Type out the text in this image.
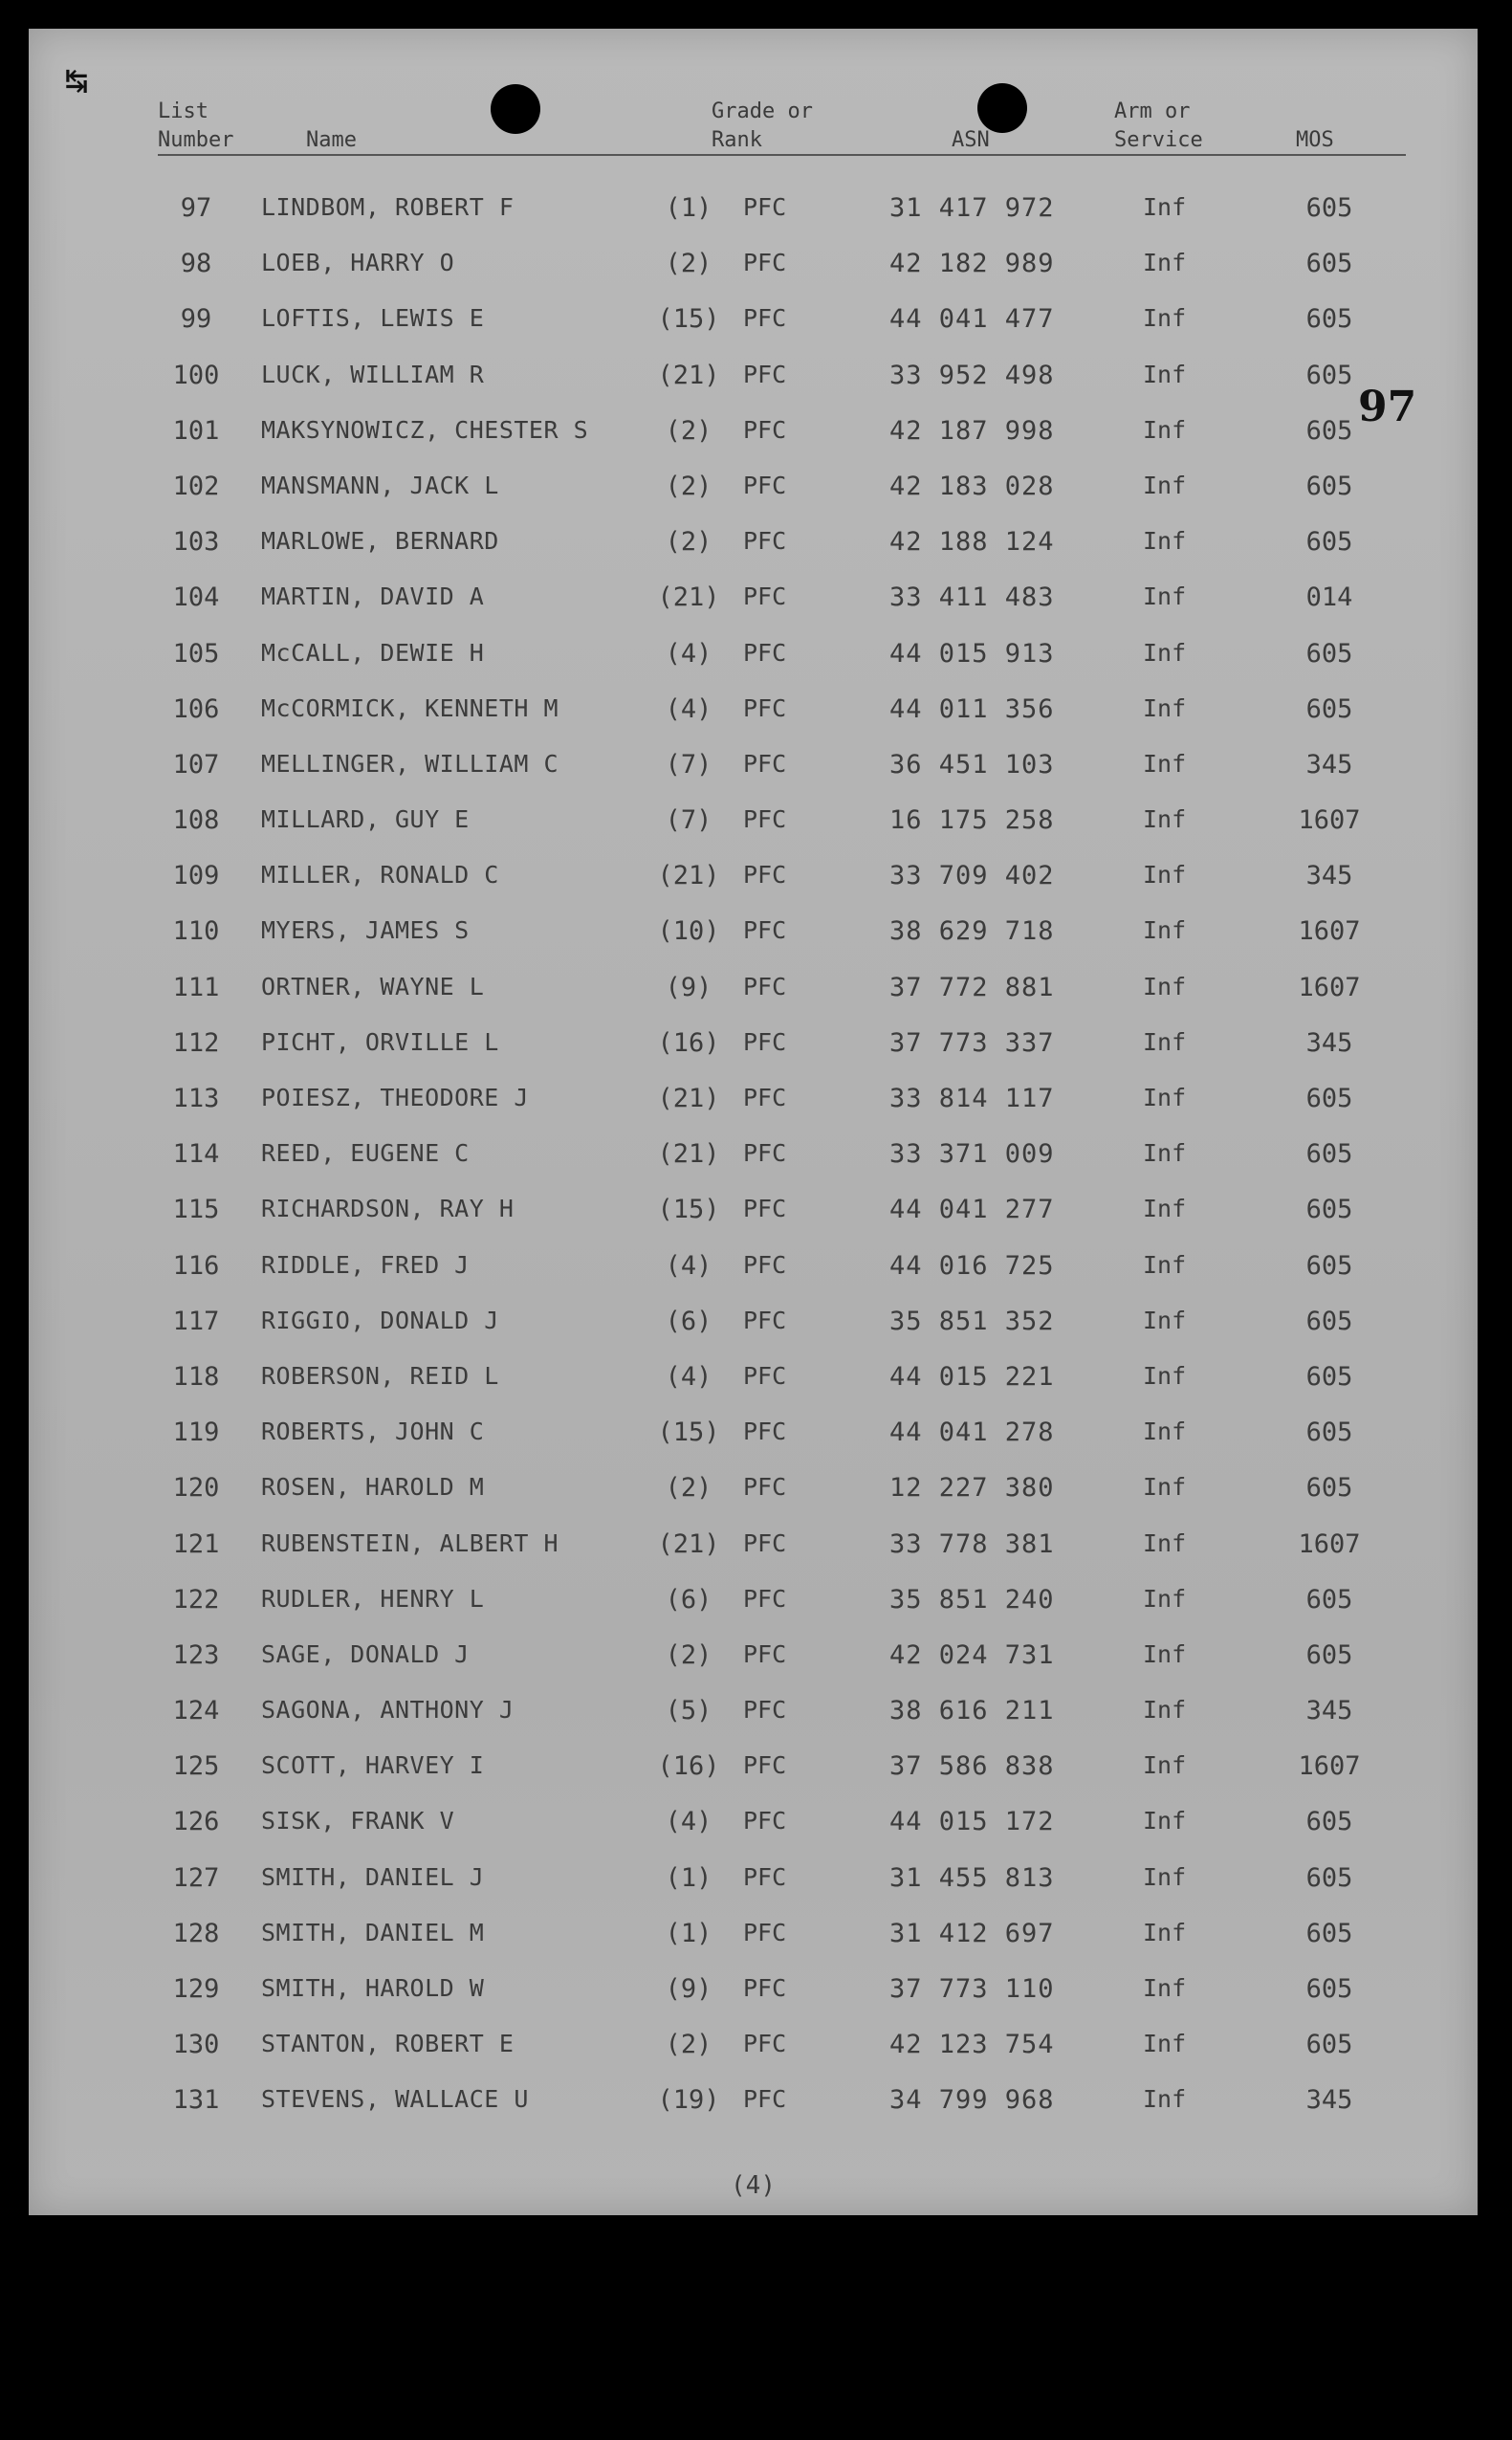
↹
List
Number	Name
Grade or
Rank	ASN
Arm or
Service	MOS
97
97	LINDBOM, ROBERT F	(1)	PFC	31 417 972	Inf	605
98	LOEB, HARRY O	(2)	PFC	42 182 989	Inf	605
99	LOFTIS, LEWIS E	(15) PFC	44 041 477	Inf	605
100	LUCK, WILLIAM R	(21) PFC	33 952 498	Inf	605
101	MAKSYNOWICZ, CHESTER S	(2)	PFC	42 187 998	Inf	605
102	MANSMANN, JACK L	(2)	PFC	42 183 028	Inf	605
103	MARLOWE, BERNARD	(2)	PFC	42 188 124	Inf	605
104	MARTIN, DAVID A	(21) PFC	33 411 483	Inf	014
105	McCALL, DEWIE H	(4)	PFC	44 015 913	Inf	605
106	McCORMICK, KENNETH M	(4)	PFC	44 011 356	Inf	605
107	MELLINGER, WILLIAM C	(7)	PFC	36 451 103	Inf	345
108	MILLARD, GUY E	(7)	PFC	16 175 258	Inf	1607
109	MILLER, RONALD C	(21) PFC	33 709 402	Inf	345
110	MYERS, JAMES S	(10) PFC	38 629 718	Inf	1607
111	ORTNER, WAYNE L	(9)	PFC	37 772 881	Inf	1607
112	PICHT, ORVILLE L	(16) PFC	37 773 337	Inf	345
113	POIESZ, THEODORE J	(21) PFC	33 814 117	Inf	605
114	REED, EUGENE C	(21) PFC	33 371 009	Inf	605
115	RICHARDSON, RAY H	(15) PFC	44 041 277	Inf	605
116	RIDDLE, FRED J	(4)	PFC	44 016 725	Inf	605
117	RIGGIO, DONALD J	(6)	PFC	35 851 352	Inf	605
118	ROBERSON, REID L	(4)	PFC	44 015 221	Inf	605
119	ROBERTS, JOHN C	(15) PFC	44 041 278	Inf	605
120	ROSEN, HAROLD M	(2)	PFC	12 227 380	Inf	605
121	RUBENSTEIN, ALBERT H	(21) PFC	33 778 381	Inf	1607
122	RUDLER, HENRY L	(6)	PFC	35 851 240	Inf	605
123	SAGE, DONALD J	(2)	PFC	42 024 731	Inf	605
124	SAGONA, ANTHONY J	(5)	PFC	38 616 211	Inf	345
125	SCOTT, HARVEY I	(16) PFC	37 586 838	Inf	1607
126	SISK, FRANK V	(4)	PFC	44 015 172	Inf	605
127	SMITH, DANIEL J	(1)	PFC	31 455 813	Inf	605
128	SMITH, DANIEL M	(1)	PFC	31 412 697	Inf	605
129	SMITH, HAROLD W	(9)	PFC	37 773 110	Inf	605
130	STANTON, ROBERT E	(2)	PFC	42 123 754	Inf	605
131	STEVENS, WALLACE U	(19) PFC	34 799 968	Inf	345
(4)
